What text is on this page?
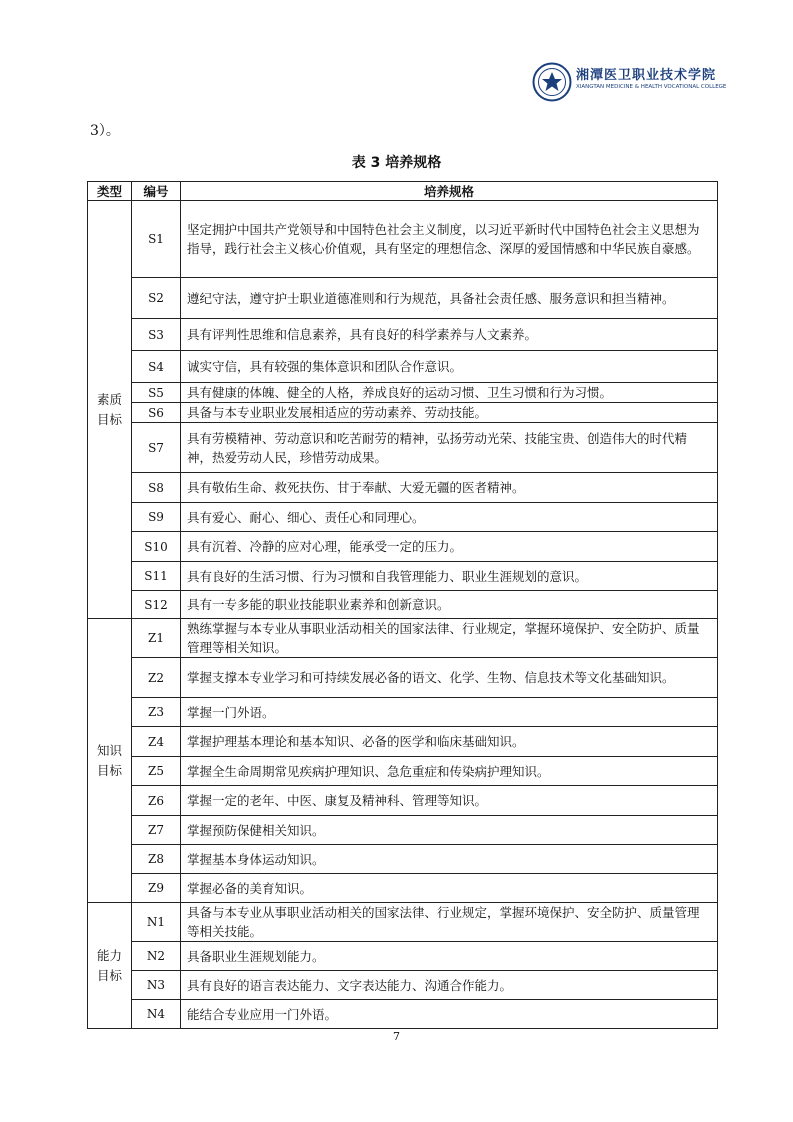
湘潭医卫职业技术学院
XIANGTAN MEDICINE & HEALTH VOCATIONAL COLLEGE
3）。
表 3 培养规格
类型	编号	培养规格
素质
目标	S1	坚定拥护中国共产党领导和中国特色社会主义制度，以习近平新时代中国特色社会主义思想为指导，践行社会主义核心价值观，具有坚定的理想信念、深厚的爱国情感和中华民族自豪感。
	S2	遵纪守法，遵守护士职业道德准则和行为规范，具备社会责任感、服务意识和担当精神。
	S3	具有评判性思维和信息素养，具有良好的科学素养与人文素养。
	S4	诚实守信，具有较强的集体意识和团队合作意识。
	S5	具有健康的体魄、健全的人格，养成良好的运动习惯、卫生习惯和行为习惯。
	S6	具备与本专业职业发展相适应的劳动素养、劳动技能。
	S7	具有劳模精神、劳动意识和吃苦耐劳的精神，弘扬劳动光荣、技能宝贵、创造伟大的时代精神，热爱劳动人民，珍惜劳动成果。
	S8	具有敬佑生命、救死扶伤、甘于奉献、大爱无疆的医者精神。
	S9	具有爱心、耐心、细心、责任心和同理心。
	S10	具有沉着、冷静的应对心理，能承受一定的压力。
	S11	具有良好的生活习惯、行为习惯和自我管理能力、职业生涯规划的意识。
	S12	具有一专多能的职业技能职业素养和创新意识。
知识
目标	Z1	熟练掌握与本专业从事职业活动相关的国家法律、行业规定，掌握环境保护、安全防护、质量管理等相关知识。
	Z2	掌握支撑本专业学习和可持续发展必备的语文、化学、生物、信息技术等文化基础知识。
	Z3	掌握一门外语。
	Z4	掌握护理基本理论和基本知识、必备的医学和临床基础知识。
	Z5	掌握全生命周期常见疾病护理知识、急危重症和传染病护理知识。
	Z6	掌握一定的老年、中医、康复及精神科、管理等知识。
	Z7	掌握预防保健相关知识。
	Z8	掌握基本身体运动知识。
	Z9	掌握必备的美育知识。
能力
目标	N1	具备与本专业从事职业活动相关的国家法律、行业规定，掌握环境保护、安全防护、质量管理等相关技能。
	N2	具备职业生涯规划能力。
	N3	具有良好的语言表达能力、文字表达能力、沟通合作能力。
	N4	能结合专业应用一门外语。
7
